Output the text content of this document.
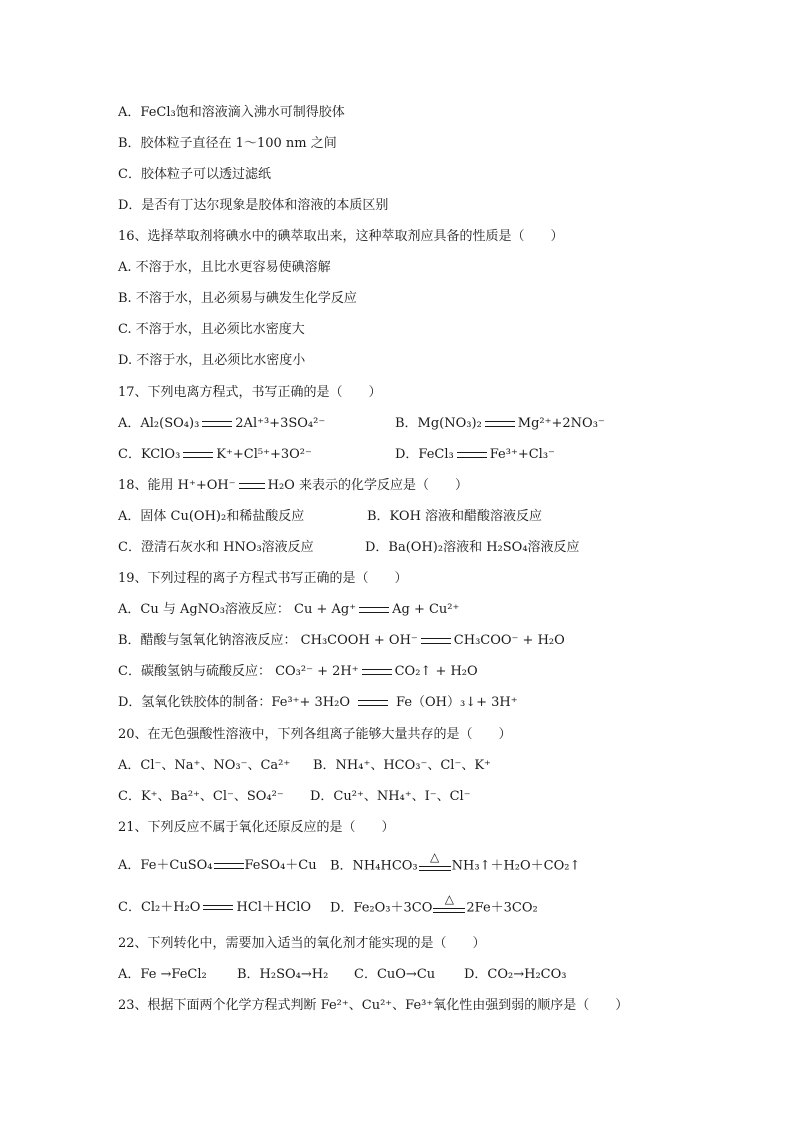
A．FeCl₃饱和溶液滴入沸水可制得胶体
B．胶体粒子直径在 1～100 nm 之间
C．胶体粒子可以透过滤纸
D．是否有丁达尔现象是胶体和溶液的本质区别
16、选择萃取剂将碘水中的碘萃取出来，这种萃取剂应具备的性质是（　　）
A. 不溶于水，且比水更容易使碘溶解
B. 不溶于水，且必须易与碘发生化学反应
C. 不溶于水，且必须比水密度大
D. 不溶于水，且必须比水密度小
17、下列电离方程式，书写正确的是（　　）
A．Al₂(SO₄)₃	2Al⁺³+3SO₄²⁻	B．Mg(NO₃)₂	Mg²⁺+2NO₃⁻
C．KClO₃	K⁺+Cl⁵⁺+3O²⁻	D．FeCl₃	Fe³⁺+Cl₃⁻
18、能用 H⁺+OH⁻ H₂O 来表示的化学反应是（　　）
A．固体 Cu(OH)₂和稀盐酸反应	B．KOH 溶液和醋酸溶液反应
C．澄清石灰水和 HNO₃溶液反应	D．Ba(OH)₂溶液和 H₂SO₄溶液反应
19、下列过程的离子方程式书写正确的是（　　）
A．Cu 与 AgNO₃溶液反应： Cu + Ag⁺	Ag + Cu²⁺
B．醋酸与氢氧化钠溶液反应： CH₃COOH + OH⁻	CH₃COO⁻ + H₂O
C．碳酸氢钠与硫酸反应： CO₃²⁻ + 2H⁺	CO₂↑ + H₂O
D．氢氧化铁胶体的制备：Fe³⁺+ 3H₂O	Fe（OH）₃↓+ 3H⁺
20、在无色强酸性溶液中，下列各组离子能够大量共存的是（　　）
A．Cl⁻、Na⁺、NO₃⁻、Ca²⁺ B．NH₄⁺、HCO₃⁻、Cl⁻、K⁺
C．K⁺、Ba²⁺、Cl⁻、SO₄²⁻ D．Cu²⁺、NH₄⁺、I⁻、Cl⁻
21、下列反应不属于氧化还原反应的是（　　）
A．Fe＋CuSO₄ FeSO₄＋Cu B．NH₄HCO₃
△
NH₃↑＋H₂O＋CO₂↑
C．Cl₂＋H₂O	HCl＋HClO D．Fe₂O₃＋3CO
△
2Fe＋3CO₂
22、下列转化中，需要加入适当的氧化剂才能实现的是（　　）
A．Fe →FeCl₂ B．H₂SO₄→H₂ C．CuO→Cu D．CO₂→H₂CO₃
23、根据下面两个化学方程式判断 Fe²⁺、Cu²⁺、Fe³⁺氧化性由强到弱的顺序是（　　）
